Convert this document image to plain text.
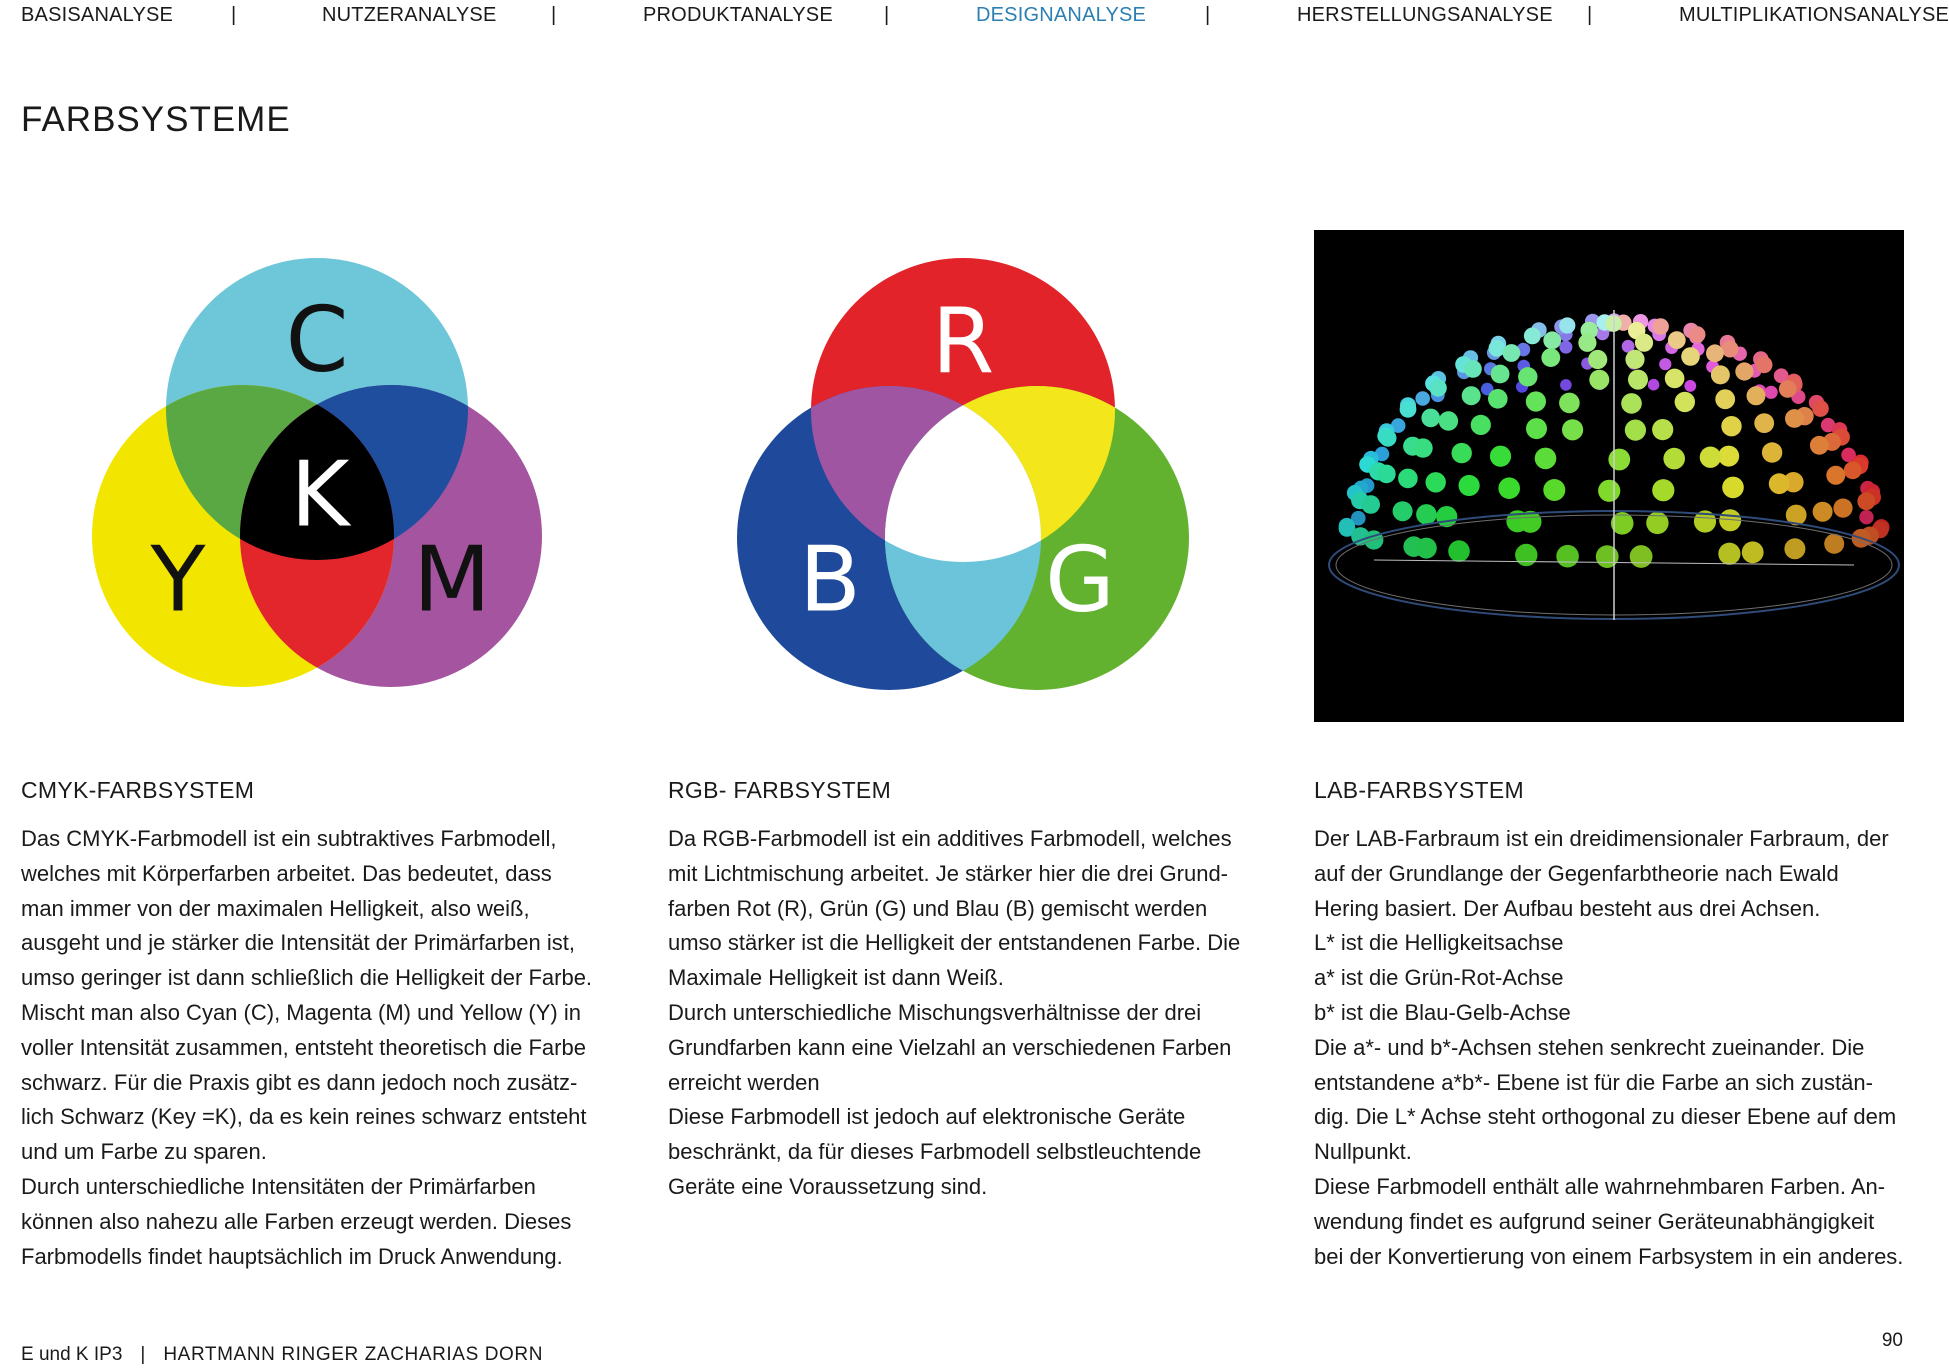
BASISANALYSE	|	NUTZERANALYSE	|	PRODUKTANALYSE	|	DESIGNANALYSE	|	HERSTELLUNGSANALYSE |	MULTIPLIKATIONSANALYSE
FARBSYSTEME
C
K
Y M
R
B G
CMYK-FARBSYSTEM

Das CMYK-Farbmodell ist ein subtraktives Farbmodell,
welches mit Körperfarben arbeitet. Das bedeutet, dass
man immer von der maximalen Helligkeit, also weiß,
ausgeht und je stärker die Intensität der Primärfarben ist,
umso geringer ist dann schließlich die Helligkeit der Farbe.
Mischt man also Cyan (C), Magenta (M) und Yellow (Y) in
voller Intensität zusammen, entsteht theoretisch die Farbe
schwarz. Für die Praxis gibt es dann jedoch noch zusätz-
lich Schwarz (Key =K), da es kein reines schwarz entsteht
und um Farbe zu sparen.
Durch unterschiedliche Intensitäten der Primärfarben
können also nahezu alle Farben erzeugt werden. Dieses
Farbmodells findet hauptsächlich im Druck Anwendung.

RGB- FARBSYSTEM

Da RGB-Farbmodell ist ein additives Farbmodell, welches
mit Lichtmischung arbeitet. Je stärker hier die drei Grund-
farben Rot (R), Grün (G) und Blau (B) gemischt werden
umso stärker ist die Helligkeit der entstandenen Farbe. Die
Maximale Helligkeit ist dann Weiß.
Durch unterschiedliche Mischungsverhältnisse der drei
Grundfarben kann eine Vielzahl an verschiedenen Farben
erreicht werden
Diese Farbmodell ist jedoch auf elektronische Geräte
beschränkt, da für dieses Farbmodell selbstleuchtende
Geräte eine Voraussetzung sind.

LAB-FARBSYSTEM

Der LAB-Farbraum ist ein dreidimensionaler Farbraum, der
auf der Grundlange der Gegenfarbtheorie nach Ewald
Hering basiert. Der Aufbau besteht aus drei Achsen.
L* ist die Helligkeitsachse
a* ist die Grün-Rot-Achse
b* ist die Blau-Gelb-Achse
Die a*- und b*-Achsen stehen senkrecht zueinander. Die
entstandene a*b*- Ebene ist für die Farbe an sich zustän-
dig. Die L* Achse steht orthogonal zu dieser Ebene auf dem
Nullpunkt.
Diese Farbmodell enthält alle wahrnehmbaren Farben. An-
wendung findet es aufgrund seiner Geräteunabhängigkeit
bei der Konvertierung von einem Farbsystem in ein anderes.

E und K IP3 | HARTMANN RINGER ZACHARIAS DORN
90
